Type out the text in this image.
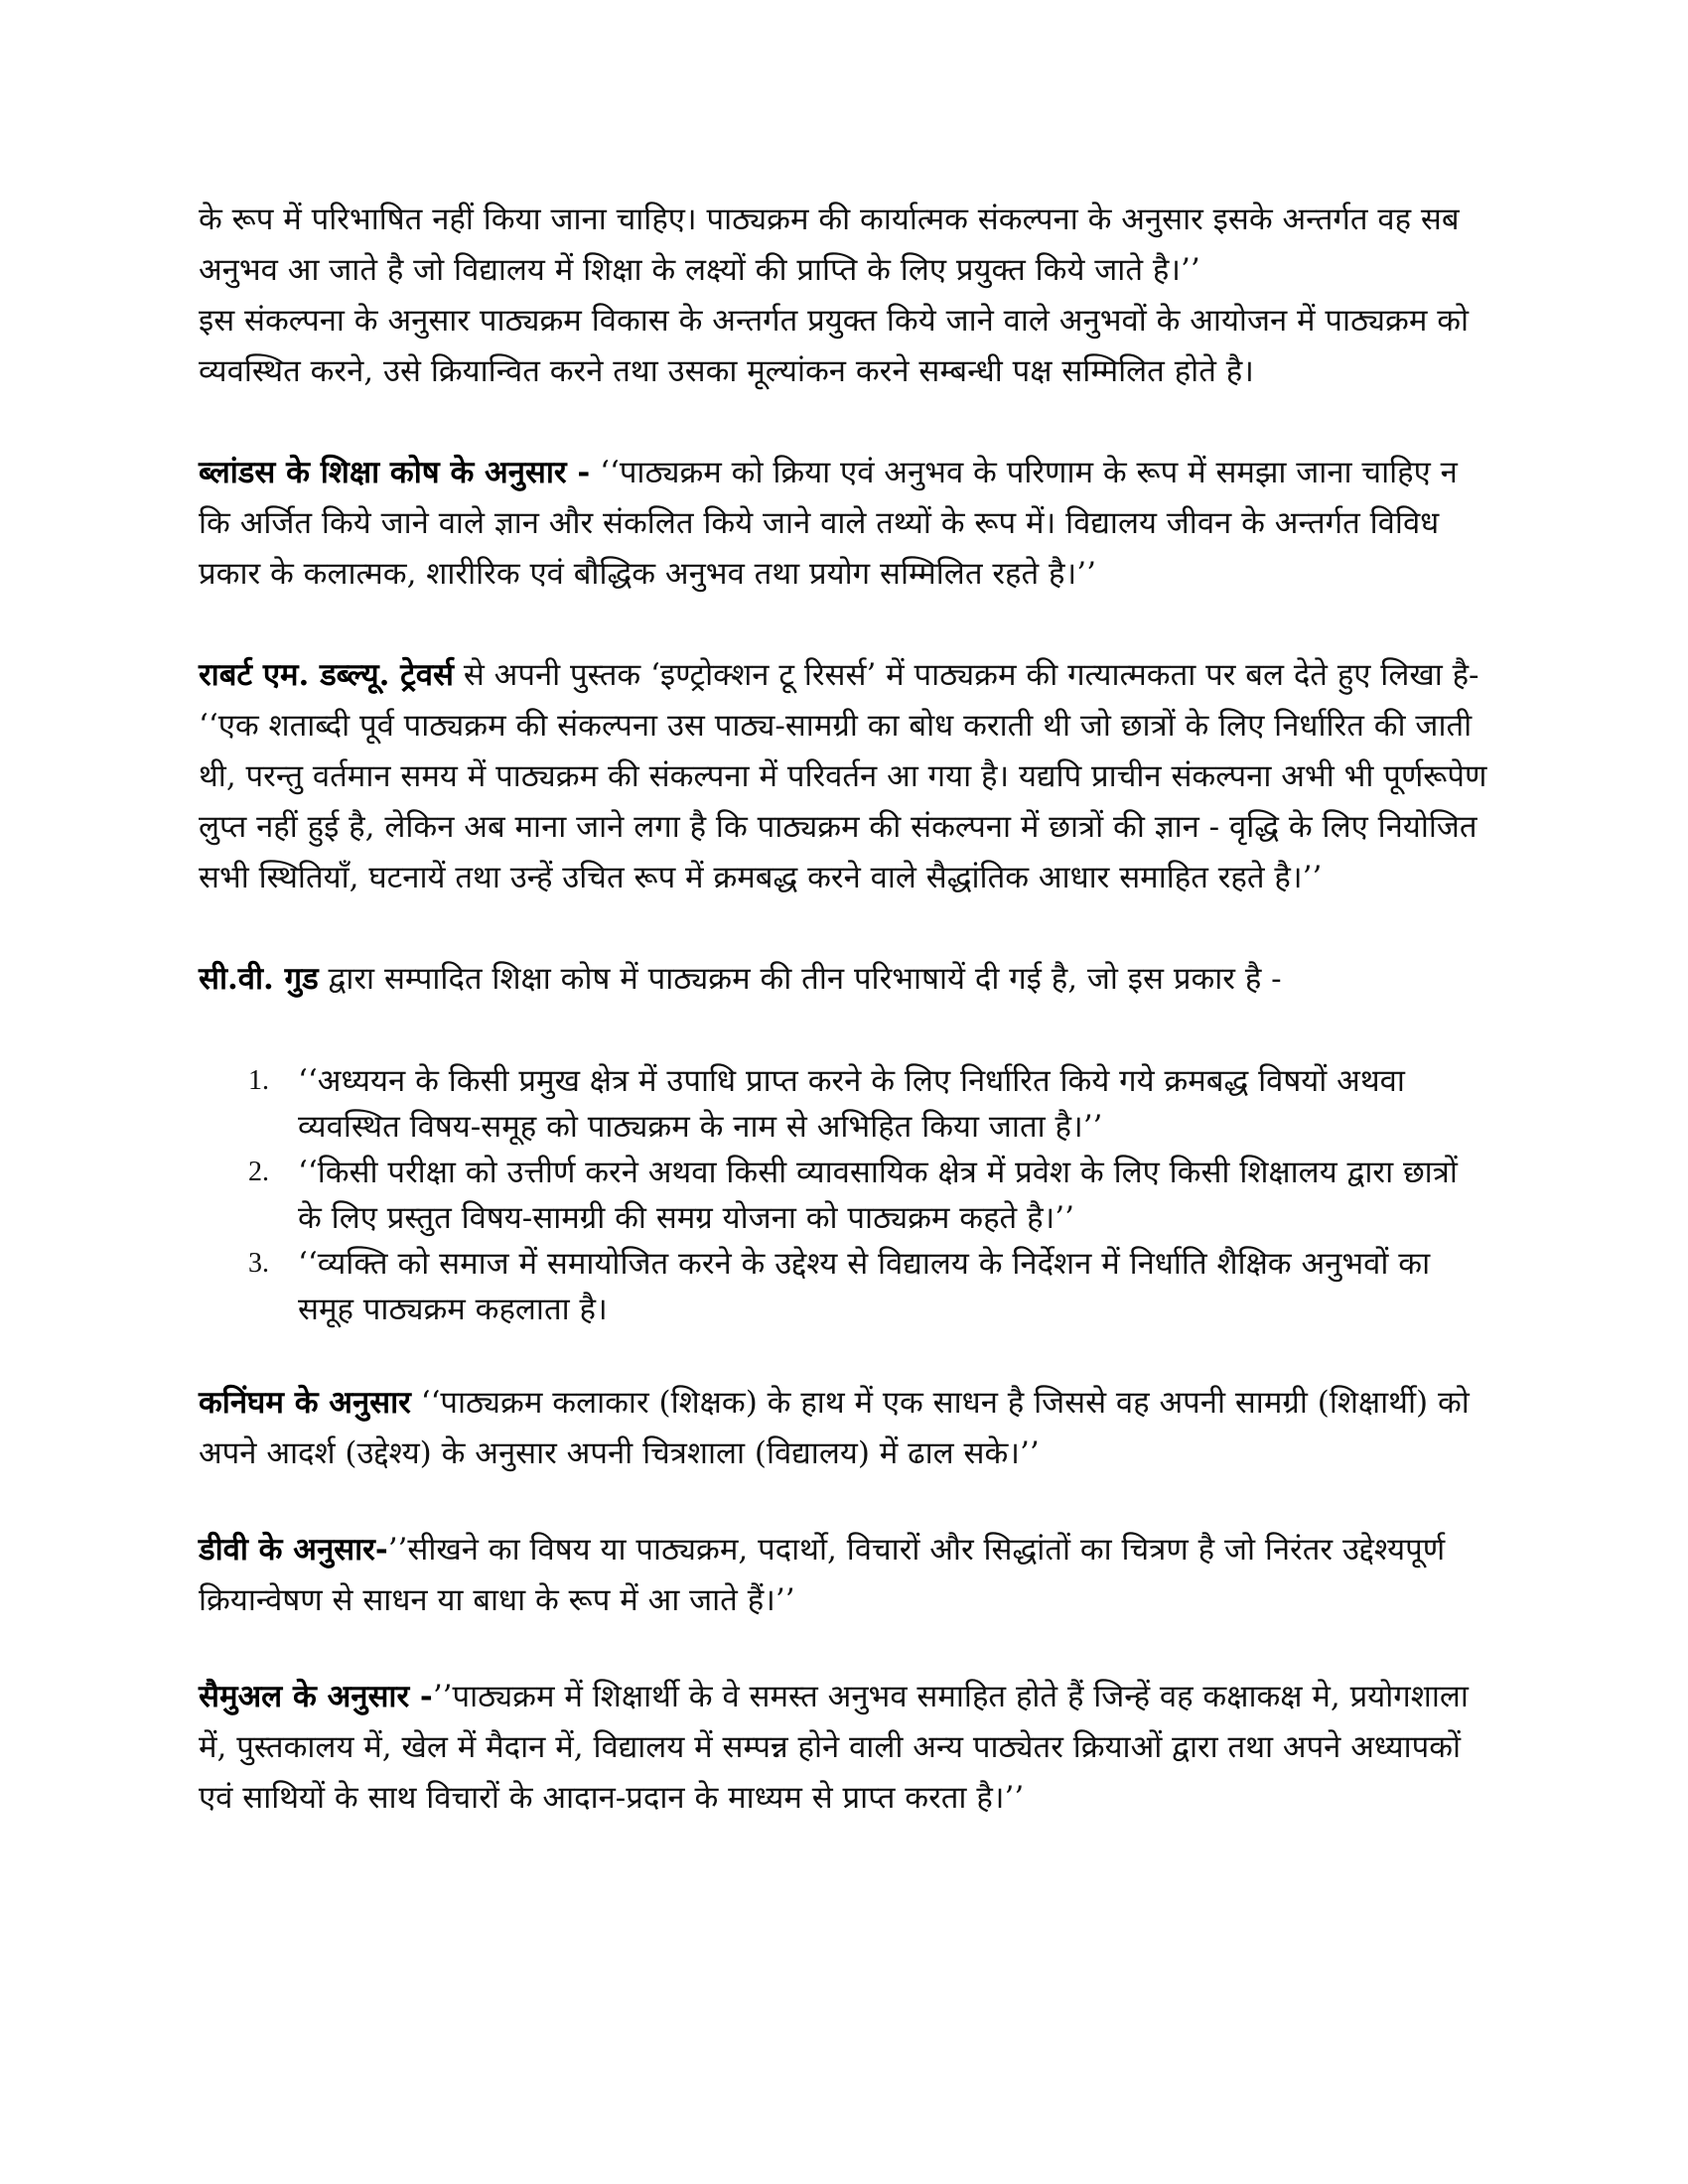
के रूप में परिभाषित नहीं किया जाना चाहिए। पाठ्यक्रम की कार्यात्मक संकल्पना के अनुसार इसके अन्तर्गत वह सब अनुभव आ जाते है जो विद्यालय में शिक्षा के लक्ष्यों की प्राप्ति के लिए प्रयुक्त किये जाते है।’’

इस संकल्पना के अनुसार पाठ्यक्रम विकास के अन्तर्गत प्रयुक्त किये जाने वाले अनुभवों के आयोजन में पाठ्यक्रम को व्यवस्थित करने, उसे क्रियान्वित करने तथा उसका मूल्यांकन करने सम्बन्धी पक्ष सम्मिलित होते है।

ब्लांडस के शिक्षा कोष के अनुसार - ‘‘पाठ्यक्रम को क्रिया एवं अनुभव के परिणाम के रूप में समझा जाना चाहिए न कि अर्जित किये जाने वाले ज्ञान और संकलित किये जाने वाले तथ्यों के रूप में। विद्यालय जीवन के अन्तर्गत विविध प्रकार के कलात्मक, शारीरिक एवं बौद्धिक अनुभव तथा प्रयोग सम्मिलित रहते है।’’

राबर्ट एम. डब्ल्यू. ट्रेवर्स से अपनी पुस्तक ‘इण्ट्रोक्शन टू रिसर्स’ में पाठ्यक्रम की गत्यात्मकता पर बल देते हुए लिखा है- ‘‘एक शताब्दी पूर्व पाठ्यक्रम की संकल्पना उस पाठ्य-सामग्री का बोध कराती थी जो छात्रों के लिए निर्धारित की जाती थी, परन्तु वर्तमान समय में पाठ्यक्रम की संकल्पना में परिवर्तन आ गया है। यद्यपि प्राचीन संकल्पना अभी भी पूर्णरूपेण लुप्त नहीं हुई है, लेकिन अब माना जाने लगा है कि पाठ्यक्रम की संकल्पना में छात्रों की ज्ञान - वृद्धि के लिए नियोजित सभी स्थितियाँ, घटनायें तथा उन्हें उचित रूप में क्रमबद्ध करने वाले सैद्धांतिक आधार समाहित रहते है।’’

सी.वी. गुड द्वारा सम्पादित शिक्षा कोष में पाठ्यक्रम की तीन परिभाषायें दी गई है, जो इस प्रकार है -

1. ‘‘अध्ययन के किसी प्रमुख क्षेत्र में उपाधि प्राप्त करने के लिए निर्धारित किये गये क्रमबद्ध विषयों अथवा व्यवस्थित विषय-समूह को पाठ्यक्रम के नाम से अभिहित किया जाता है।’’
2. ‘‘किसी परीक्षा को उत्तीर्ण करने अथवा किसी व्यावसायिक क्षेत्र में प्रवेश के लिए किसी शिक्षालय द्वारा छात्रों के लिए प्रस्तुत विषय-सामग्री की समग्र योजना को पाठ्यक्रम कहते है।’’
3. ‘‘व्यक्ति को समाज में समायोजित करने के उद्देश्य से विद्यालय के निर्देशन में निर्धाति शैक्षिक अनुभवों का समूह पाठ्यक्रम कहलाता है।

कनिंघम के अनुसार ‘‘पाठ्यक्रम कलाकार (शिक्षक) के हाथ में एक साधन है जिससे वह अपनी सामग्री (शिक्षार्थी) को अपने आदर्श (उद्देश्य) के अनुसार अपनी चित्रशाला (विद्यालय) में ढाल सके।’’

डीवी के अनुसार-’’सीखने का विषय या पाठ्यक्रम, पदार्थो, विचारों और सिद्धांतों का चित्रण है जो निरंतर उद्देश्यपूर्ण क्रियान्वेषण से साधन या बाधा के रूप में आ जाते हैं।’’

सैमुअल के अनुसार -’’पाठ्यक्रम में शिक्षार्थी के वे समस्त अनुभव समाहित होते हैं जिन्हें वह कक्षाकक्ष मे, प्रयोगशाला में, पुस्तकालय में, खेल में मैदान में, विद्यालय में सम्पन्न होने वाली अन्य पाठ्येतर क्रियाओं द्वारा तथा अपने अध्यापकों एवं साथियों के साथ विचारों के आदान-प्रदान के माध्यम से प्राप्त करता है।’’
